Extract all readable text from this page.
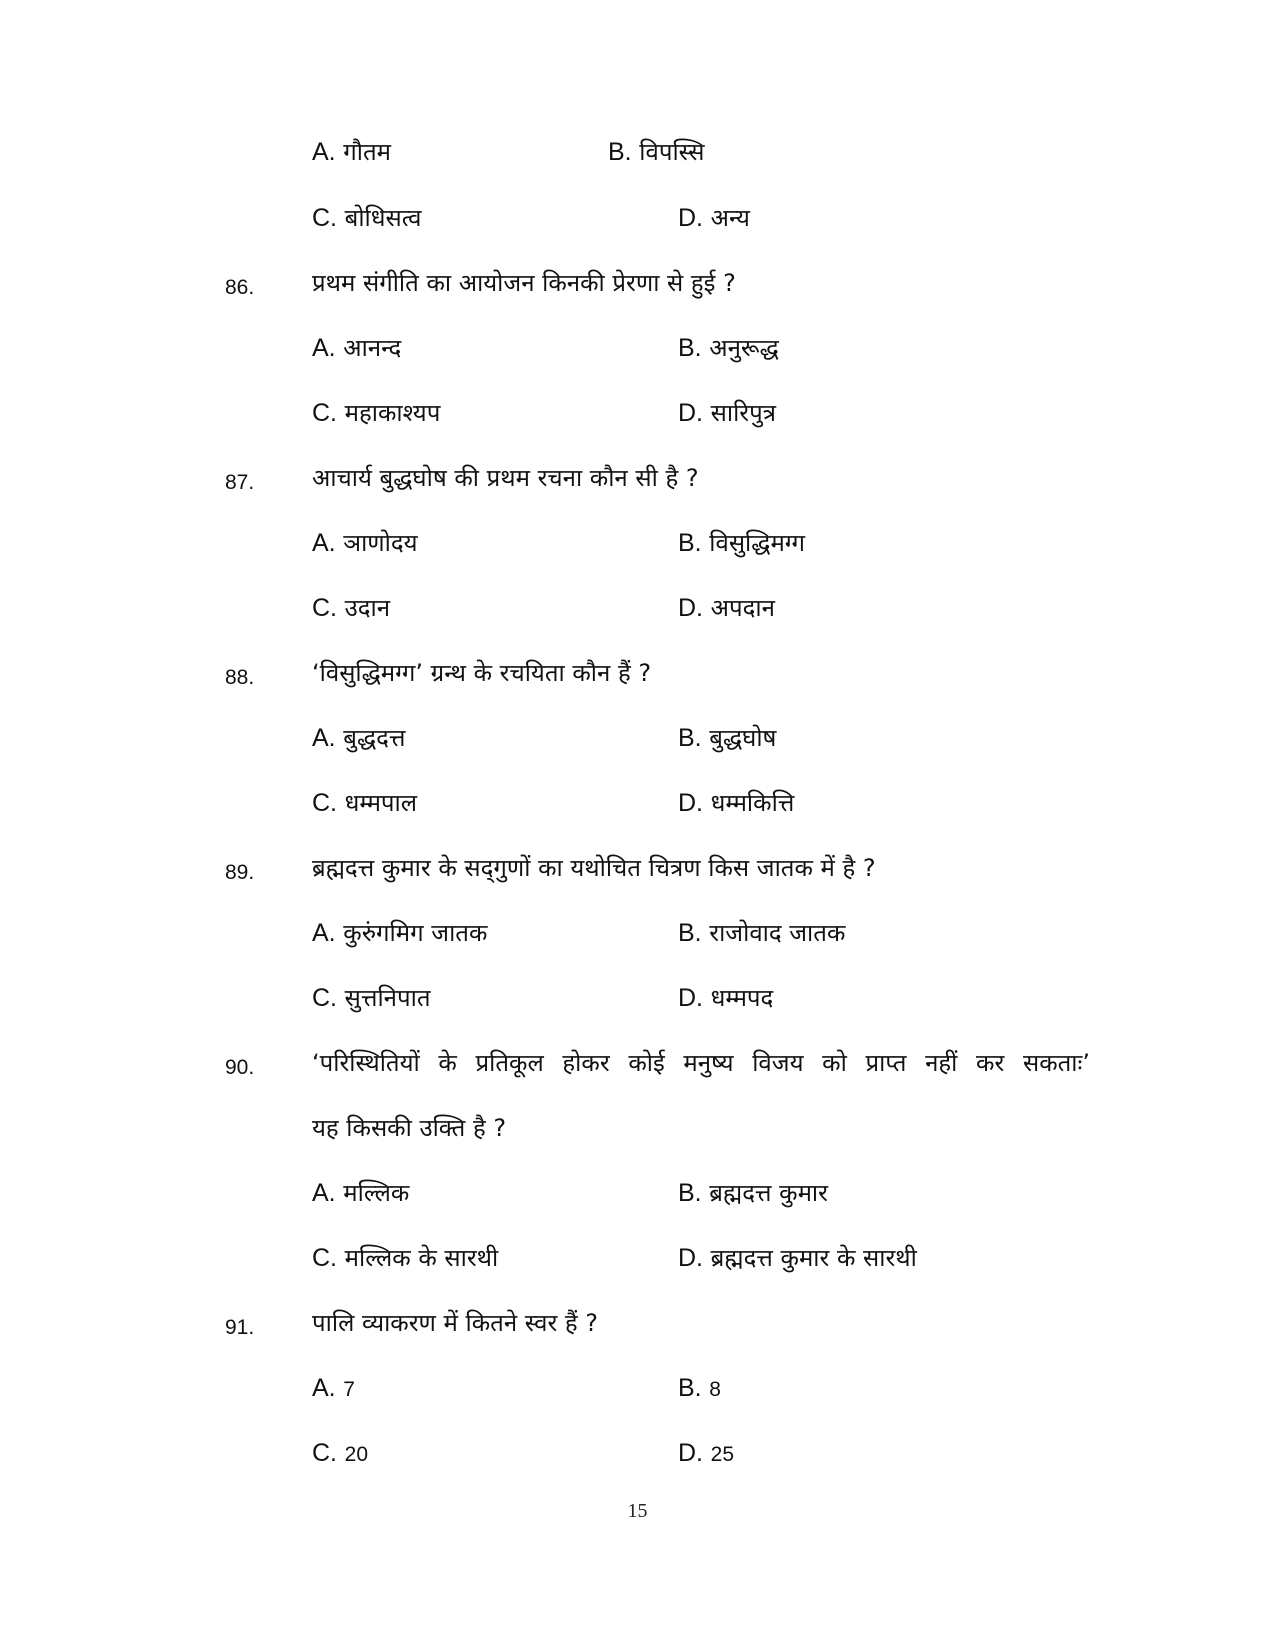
A. गौतम	B. विपस्सि
C. बोधिसत्व	D. अन्य
86. प्रथम संगीति का आयोजन किनकी प्रेरणा से हुई ?
A. आनन्द	B. अनुरूद्ध
C. महाकाश्यप	D. सारिपुत्र
87. आचार्य बुद्धघोष की प्रथम रचना कौन सी है ?
A. ञाणोदय	B. विसुद्धिमग्ग
C. उदान	D. अपदान
88. ‘विसुद्धिमग्ग’ ग्रन्थ के रचयिता कौन हैं ?
A. बुद्धदत्त	B. बुद्धघोष
C. धम्मपाल	D. धम्मकित्ति
89. ब्रह्मदत्त कुमार के सद्‌गुणों का यथोचित चित्रण किस जातक में है ?
A. कुरुंगमिग जातक	B. राजोवाद जातक
C. सुत्तनिपात	D. धम्मपद
90. ‘परिस्थितियों के प्रतिकूल होकर कोई मनुष्य विजय को प्राप्त नहीं कर सकताः’
यह किसकी उक्ति है ?
A. मल्लिक	B. ब्रह्मदत्त कुमार
C. मल्लिक के सारथी	D. ब्रह्मदत्त कुमार के सारथी
91. पालि व्याकरण में कितने स्वर हैं ?
A. 7	B. 8
C. 20	D. 25
15
